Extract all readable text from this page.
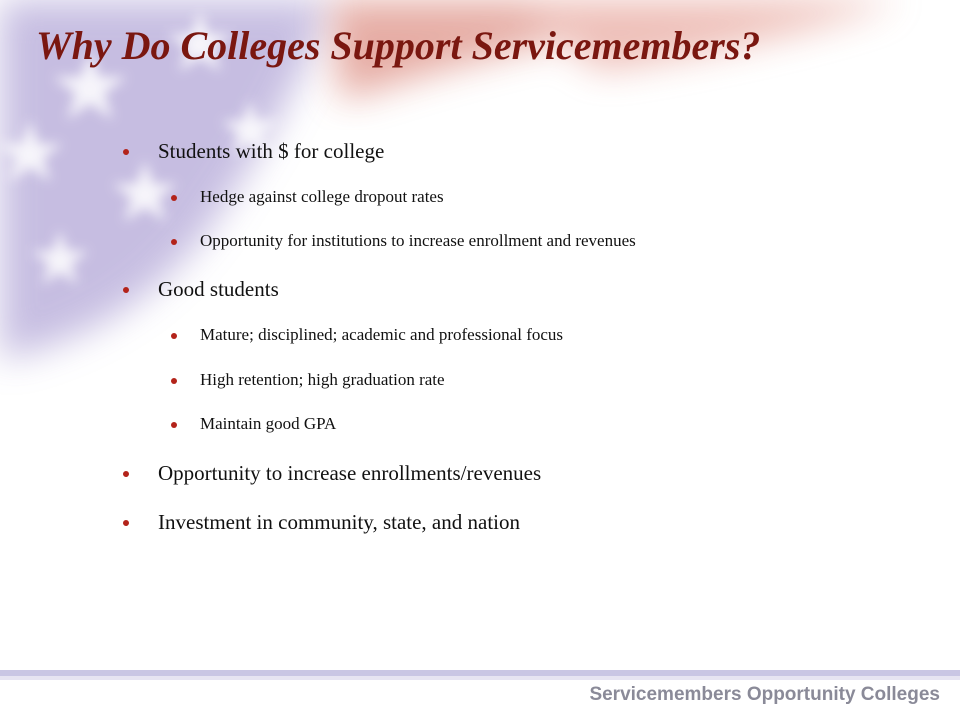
Why Do Colleges Support Servicemembers?
Students with $ for college
Hedge against college dropout rates
Opportunity for institutions to increase enrollment and revenues
Good students
Mature; disciplined; academic and professional focus
High retention; high graduation rate
Maintain good GPA
Opportunity to increase enrollments/revenues
Investment in community, state, and nation
Servicemembers Opportunity Colleges
